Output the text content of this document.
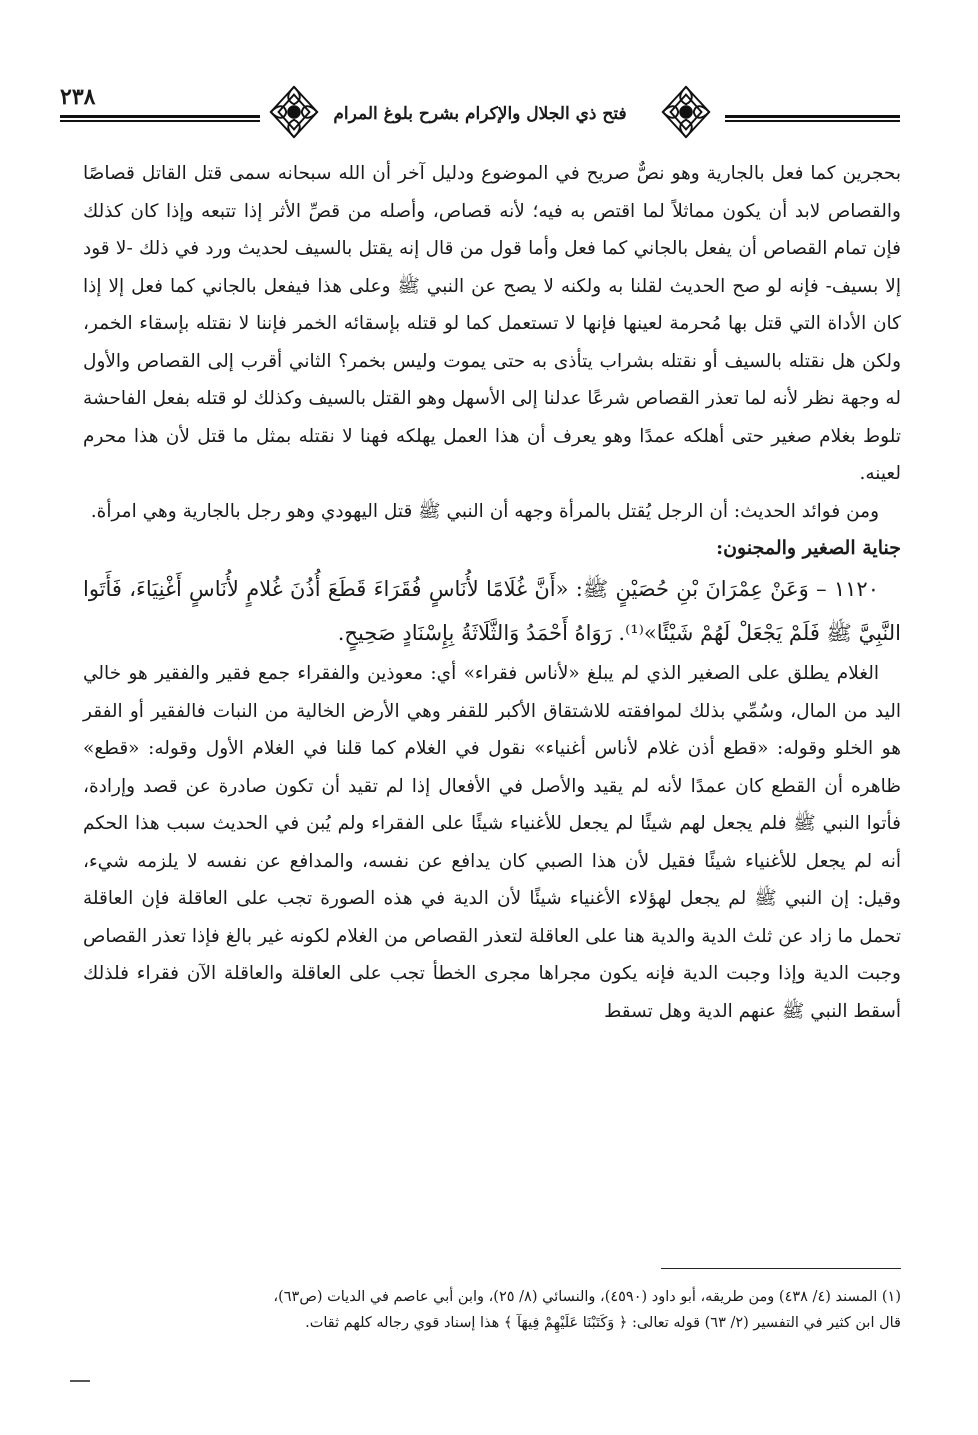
فتح ذي الجلال والإكرام بشرح بلوغ المرام
٢٣٨

بحجرين كما فعل بالجارية وهو نصٌّ صريح في الموضوع ودليل آخر أن الله سبحانه سمى قتل القاتل قصاصًا والقصاص لابد أن يكون مماثلاً لما اقتص به فيه؛ لأنه قصاص، وأصله من قصِّ الأثر إذا تتبعه وإذا كان كذلك فإن تمام القصاص أن يفعل بالجاني كما فعل وأما قول من قال إنه يقتل بالسيف لحديث ورد في ذلك -لا قود إلا بسيف- فإنه لو صح الحديث لقلنا به ولكنه لا يصح عن النبي ﷺ وعلى هذا فيفعل بالجاني كما فعل إلا إذا كان الأداة التي قتل بها مُحرمة لعينها فإنها لا تستعمل كما لو قتله بإسقائه الخمر فإننا لا نقتله بإسقاء الخمر، ولكن هل نقتله بالسيف أو نقتله بشراب يتأذى به حتى يموت وليس بخمر؟ الثاني أقرب إلى القصاص والأول له وجهة نظر لأنه لما تعذر القصاص شرعًا عدلنا إلى الأسهل وهو القتل بالسيف وكذلك لو قتله بفعل الفاحشة تلوط بغلام صغير حتى أهلكه عمدًا وهو يعرف أن هذا العمل يهلكه فهنا لا نقتله بمثل ما قتل لأن هذا محرم لعينه.

ومن فوائد الحديث: أن الرجل يُقتل بالمرأة وجهه أن النبي ﷺ قتل اليهودي وهو رجل بالجارية وهي امرأة.

جناية الصغير والمجنون:

١١٢٠ – وَعَنْ عِمْرَانَ بْنِ حُصَيْنٍ ﷺ: «أَنَّ غُلَامًا لأُنَاسٍ فُقَرَاءَ قَطَعَ أُذُنَ غُلامٍ لأُنَاسٍ أَغْنِيَاءَ، فَأَتَوا النَّبِيَّ ﷺ فَلَمْ يَجْعَلْ لَهُمْ شَيْئًا»⁽¹⁾. رَوَاهُ أَحْمَدُ وَالثَّلَاثَةُ بِإِسْنَادٍ صَحِيحٍ.

الغلام يطلق على الصغير الذي لم يبلغ «لأناس فقراء» أي: معوذين والفقراء جمع فقير والفقير هو خالي اليد من المال، وسُمِّي بذلك لموافقته للاشتقاق الأكبر للقفر وهي الأرض الخالية من النبات فالفقير أو الفقر هو الخلو وقوله: «قطع أذن غلام لأناس أغنياء» نقول في الغلام كما قلنا في الغلام الأول وقوله: «قطع» ظاهره أن القطع كان عمدًا لأنه لم يقيد والأصل في الأفعال إذا لم تقيد أن تكون صادرة عن قصد وإرادة، فأتوا النبي ﷺ فلم يجعل لهم شيئًا لم يجعل للأغنياء شيئًا على الفقراء ولم يُبن في الحديث سبب هذا الحكم أنه لم يجعل للأغنياء شيئًا فقيل لأن هذا الصبي كان يدافع عن نفسه، والمدافع عن نفسه لا يلزمه شيء، وقيل: إن النبي ﷺ لم يجعل لهؤلاء الأغنياء شيئًا لأن الدية في هذه الصورة تجب على العاقلة فإن العاقلة تحمل ما زاد عن ثلث الدية والدية هنا على العاقلة لتعذر القصاص من الغلام لكونه غير بالغ فإذا تعذر القصاص وجبت الدية وإذا وجبت الدية فإنه يكون مجراها مجرى الخطأ تجب على العاقلة والعاقلة الآن فقراء فلذلك أسقط النبي ﷺ عنهم الدية وهل تسقط

(١) المسند (٤/ ٤٣٨) ومن طريقه، أبو داود (٤٥٩٠)، والنسائي (٨/ ٢٥)، وابن أبي عاصم في الديات (ص٦٣)،

قال ابن كثير في التفسير (٢/ ٦٣) قوله تعالى: ﴿ وَكَتَبْنَا عَلَيْهِمْ فِيهَآ ﴾ هذا إسناد قوي رجاله كلهم ثقات.
